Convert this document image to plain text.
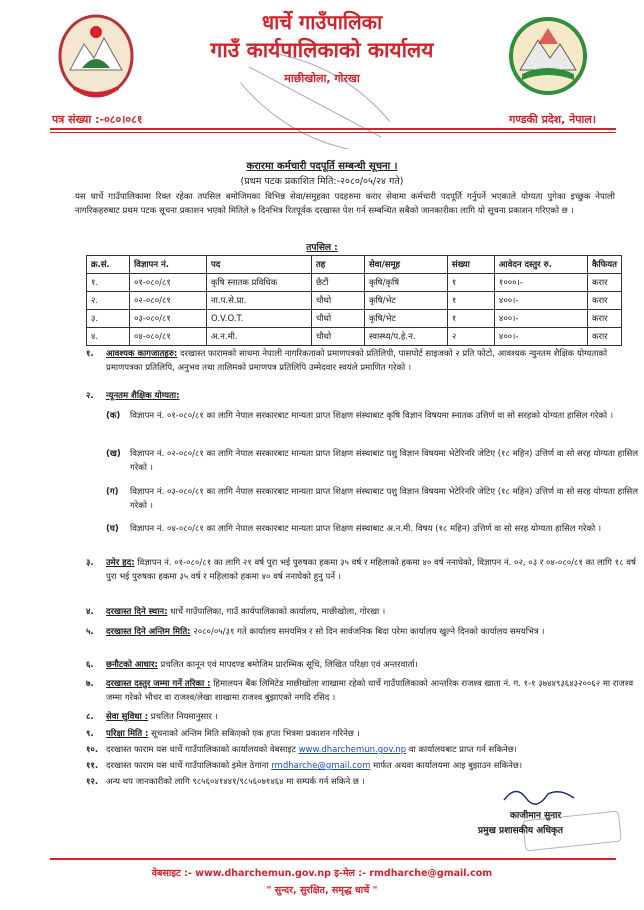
धार्चे गाउँपालिका
गाउँ कार्यपालिकाको कार्यालय
माछीखोला, गोरखा
पत्र संख्या :-०८०।०८१	गण्डकी प्रदेश, नेपाल।
करारमा कर्मचारी पदपूर्ति सम्बन्धी सूचना ।
(प्रथम पटक प्रकाशित मिति:-२०८०/०५/२४ गते)
यस धार्चे गाउँपालिकामा रिक्त रहेका तपसिल बमोजिमका विभिन्न सेवा/समुहका पदहरुमा करार सेवामा कर्मचारी पदपूर्ति गर्नुपर्ने भएकाले योग्यता पुगेका इच्छुक नेपाली नागरिकहरुबाट प्रथम पटक सूचना प्रकाशन भएको मितिले ७ दिनभित्र रितपूर्वक दरखास्त पेश गर्न सम्बन्धित सबैको जानकारीका लागि यो सूचना प्रकाशन गरिएको छ ।
तपसिल :
क्र.सं.	विज्ञापन नं.	पद	तह	सेवा/समूह	संख्या	आवेदन दस्तुर रु.	कैफियत
१.	०१-०८०/८१	कृषि स्नातक प्रविधिक	छैटौं	कृषि/कृषि	१	१०००।-	करार
२.	०२-०८०/८१	ना.प.से.प्रा.	चौथो	कृषि/भेट	१	४००।-	करार
३.	०३-०८०/८१	O.V.O.T.	चौथो	कृषि/भेट	१	४००।-	करार
४.	०४-०८०/८१	अ.न.मी.	चौथो	स्वास्थ्य/प.हे.न.	२	४००।-	करार
१. आवश्यक कागजातहरु: दरखास्त फारामको साथमा नेपाली नागरिकताको प्रमाणपत्रको प्रतिलिपी, पासपोर्ट साइजको २ प्रति फोटो, आवश्यक न्युनतम शैक्षिक योग्यताको प्रमाणपत्रका प्रतिलिपि, अनुभव तथा तालिमको प्रमाणपत्र प्रतिलिपि उम्मेदवार स्वयंले प्रमाणित गरेको ।
२. न्यूनतम शैक्षिक योग्यता:
(क) विज्ञापन नं. ०१-०८०/८१ का लागि नेपाल सरकारबाट मान्यता प्राप्त शिक्षण संस्थाबाट कृषि विज्ञान विषयमा स्नातक उत्तिर्ण वा सो सरहको योग्यता हासिल गरेको ।
(ख) विज्ञापन नं. ०२-०८०/८१ का लागि नेपाल सरकारबाट मान्यता प्राप्त शिक्षण संस्थाबाट पशु विज्ञान विषयमा भेटेरिनरि जेटिए (१८ महिन) उत्तिर्ण वा सो सरह योग्यता हासिल गरेको ।
(ग) विज्ञापन नं. ०३-०८०/८१ का लागि नेपाल सरकारबाट मान्यता प्राप्त शिक्षण संस्थाबाट पशु विज्ञान विषयमा भेटेरिनरि जेटिए (१८ महिन) उत्तिर्ण वा सो सरह योग्यता हासिल गरेको ।
(घ) विज्ञापन नं. ०४-०८०/८१ का लागि नेपाल सरकारबाट मान्यता प्राप्त शिक्षण संस्थाबाट अ.न.मी. विषय (१८ महिन) उत्तिर्ण वा सो सरह योग्यता हासिल गरेको ।
३. उमेर हद: विज्ञापन नं. ०१-०८०/८१ का लागि २१ वर्ष पुरा भई पुरुषका हकमा ३५ वर्ष र महिलाको हकमा ४० वर्ष ननाघेको, विज्ञापन नं. ०२, ०३ र ०४-०८०/८१ का लागि १८ वर्ष पुरा भई पुरुषका हकमा ३५ वर्ष र महिलाको हकमा ४० वर्ष ननाघेको हुनु पर्ने ।
४. दरखास्त दिने स्थान: धार्चे गाउँपालिका, गाउँ कार्यपालिकाको कार्यालय, माछीखोला, गोरखा ।
५. दरखास्त दिने अन्तिम मिति: २०८०/०५/३१ गते कार्यालय समयमित्र र सो दिन सार्वजनिक बिदा परेमा कार्यालय खुल्ने दिनको कार्यालय समयभित्र ।
६. छनौटको आधार: प्रचलित कानून एवं मापदण्ड बमोजिम प्रारम्भिक सूचि, लिखित परिक्षा एवं अन्तरवार्ता।
७. दरखास्त दस्तुर जम्मा गर्ने तरिका : हिमालयन बैंक लिमिटेड माछीखोला शाखामा रहेको धार्चे गाउँपालिकाको आन्तरिक राजश्व खाता नं. ग. १-१ ३७४४९३६४३२००६२ मा राजश्व जम्मा गरेको भौचर वा राजश्व/लेखा शाखामा राजश्व बुझाएको नगदि रसिद ।
८. सेवा सुविधा : प्रचलित नियमानुसार ।
९. परिक्षा मिति : सूचनाको अन्तिम मिति सकिएको एक हप्ता भित्रमा प्रकाशन गरिनेछ ।
१०. दरखास्त फाराम यस धार्चे गाउँपालिकाको कार्यालयको वेबसाइट www.dharchemun.gov.np वा कार्यालयबाट प्राप्त गर्न सकिनेछ।
११. दरखास्त फाराम यस धार्चे गाउँपालिकाको इमेल ठेगाना rmdharche@gmail.com मार्फत अथवा कार्यालयमा आइ बुझाउन सकिनेछ।
१२. अन्य थप जानकारीको लागि ९८५६०४१४४१/९८५६०७१४६४ मा सम्पर्क गर्न सकिने छ ।
काजीमान सुनार
प्रमुख प्रशासकीय अधिकृत
वेबसाइट :- www.dharchemun.gov.np इ-मेल :- rmdharche@gmail.com
" सुन्दर, सुरक्षित, समृद्ध धार्चे "
